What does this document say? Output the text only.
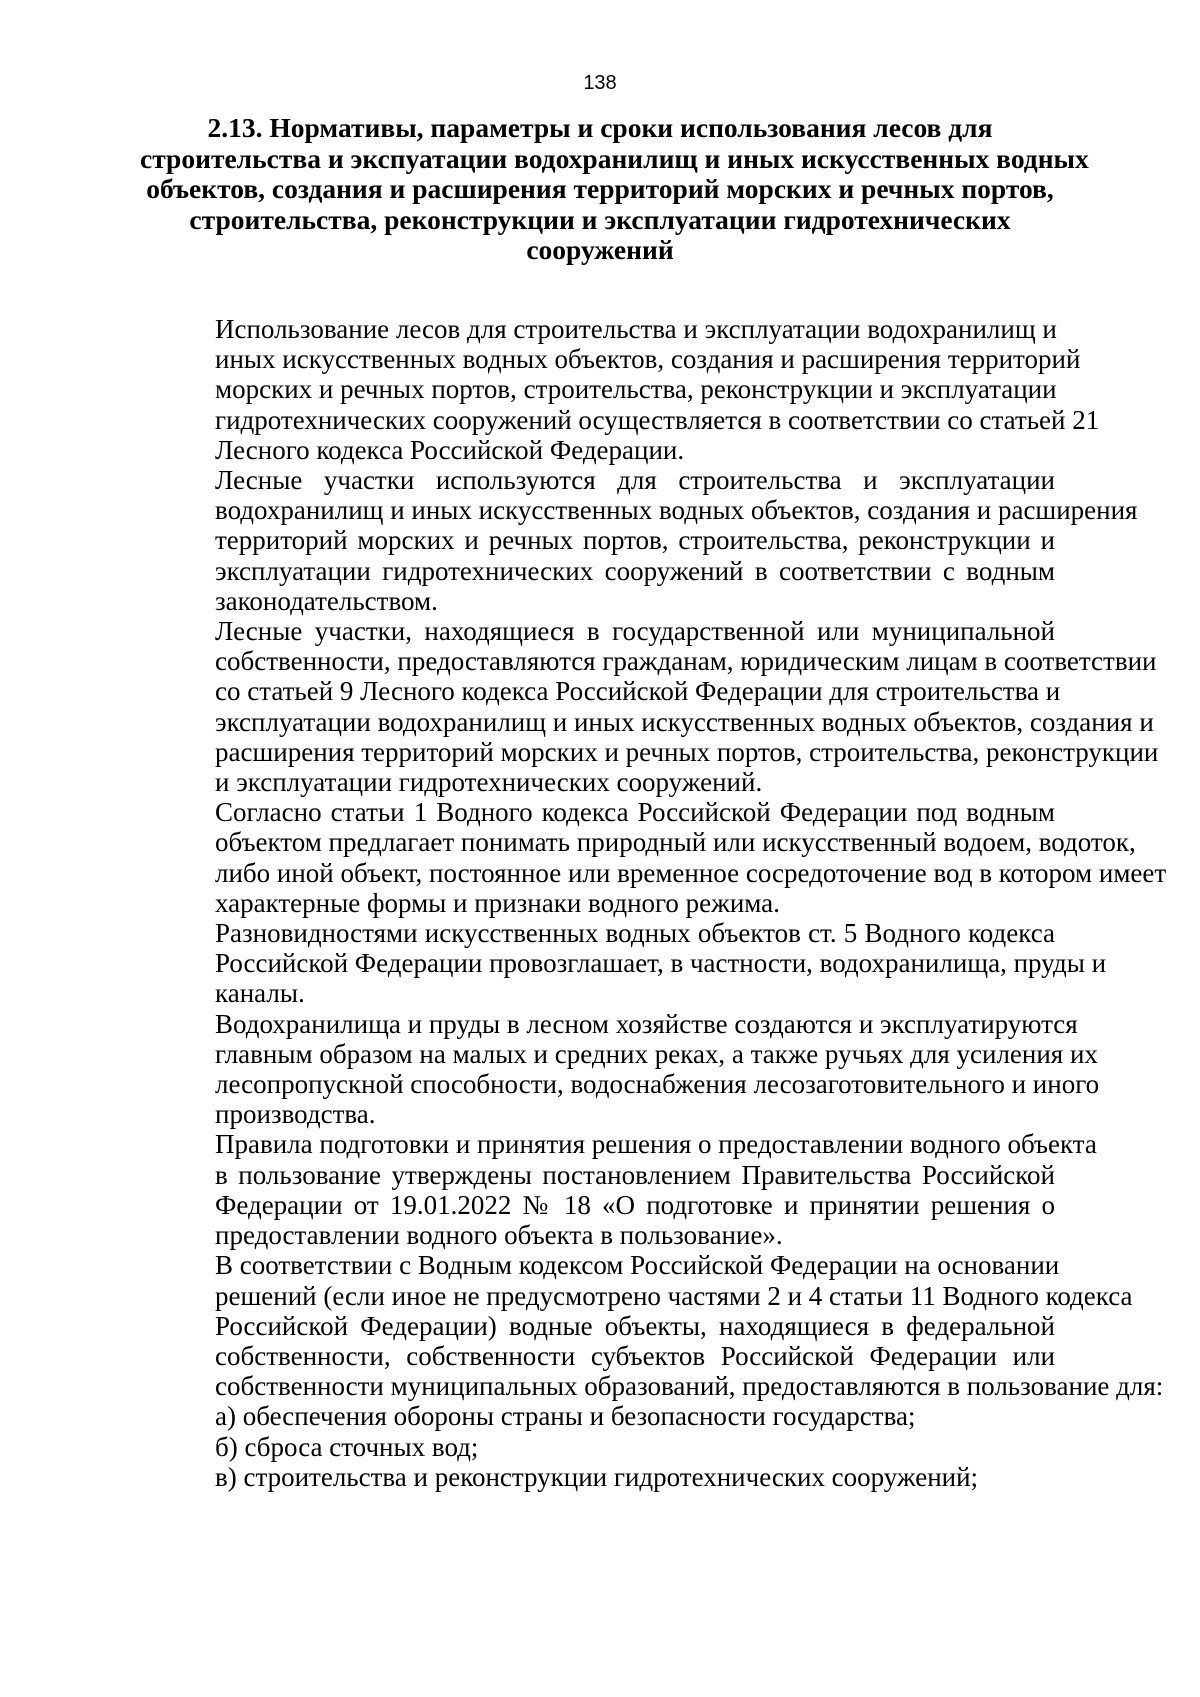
138
2.13. Нормативы, параметры и сроки использования лесов для
строительства и экспуатации водохранилищ и иных искусственных водных
объектов, создания и расширения территорий морских и речных портов,
строительства, реконструкции и эксплуатации гидротехнических
сооружений

Использование лесов для строительства и эксплуатации водохранилищ и
иных искусственных водных объектов, создания и расширения территорий
морских и речных портов, строительства, реконструкции и эксплуатации
гидротехнических сооружений осуществляется в соответствии со статьей 21
Лесного кодекса Российской Федерации.

Лесные участки используются для строительства и эксплуатации
водохранилищ и иных искусственных водных объектов, создания и расширения
территорий морских и речных портов, строительства, реконструкции и
эксплуатации гидротехнических сооружений в соответствии с водным
законодательством.

Лесные участки, находящиеся в государственной или муниципальной
собственности, предоставляются гражданам, юридическим лицам в соответствии
со статьей 9 Лесного кодекса Российской Федерации для строительства и
эксплуатации водохранилищ и иных искусственных водных объектов, создания и
расширения территорий морских и речных портов, строительства, реконструкции
и эксплуатации гидротехнических сооружений.

Согласно статьи 1 Водного кодекса Российской Федерации под водным
объектом предлагает понимать природный или искусственный водоем, водоток,
либо иной объект, постоянное или временное сосредоточение вод в котором имеет
характерные формы и признаки водного режима.

Разновидностями искусственных водных объектов ст. 5 Водного кодекса
Российской Федерации провозглашает, в частности, водохранилища, пруды и
каналы.

Водохранилища и пруды в лесном хозяйстве создаются и эксплуатируются
главным образом на малых и средних реках, а также ручьях для усиления их
лесопропускной способности, водоснабжения лесозаготовительного и иного
производства.

Правила подготовки и принятия решения о предоставлении водного объекта
в пользование утверждены постановлением Правительства Российской
Федерации от 19.01.2022 № 18 «О подготовке и принятии решения о
предоставлении водного объекта в пользование».

В соответствии с Водным кодексом Российской Федерации на основании
решений (если иное не предусмотрено частями 2 и 4 статьи 11 Водного кодекса
Российской Федерации) водные объекты, находящиеся в федеральной
собственности, собственности субъектов Российской Федерации или
собственности муниципальных образований, предоставляются в пользование для:

а) обеспечения обороны страны и безопасности государства;

б) сброса сточных вод;

в) строительства и реконструкции гидротехнических сооружений;
